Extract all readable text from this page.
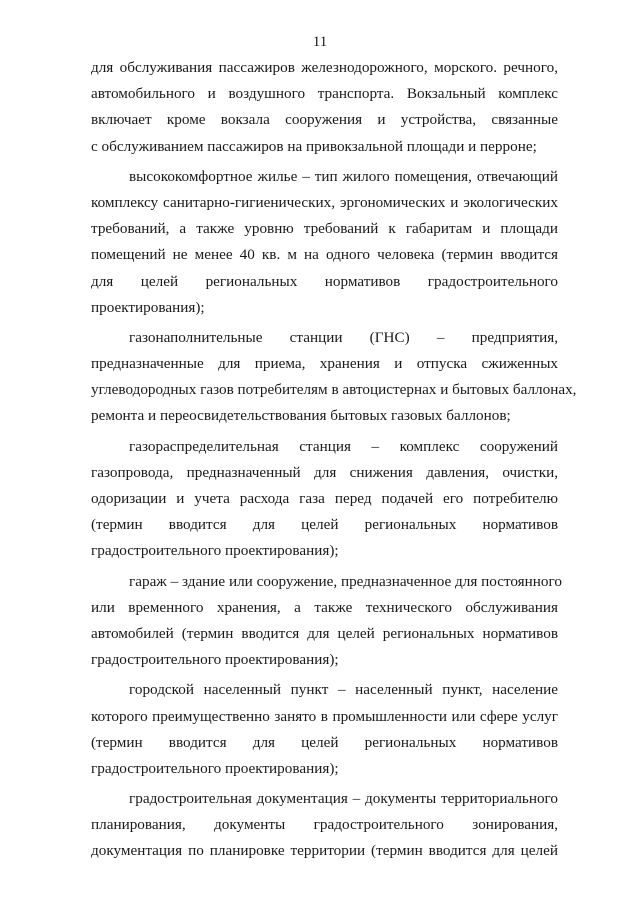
11

для обслуживания пассажиров железнодорожного, морского. речного,
автомобильного и воздушного транспорта. Вокзальный комплекс
включает кроме вокзала сооружения и устройства, связанные
с обслуживанием пассажиров на привокзальной площади и перроне;

высококомфортное жилье – тип жилого помещения, отвечающий
комплексу санитарно-гигиенических, эргономических и экологических
требований, а также уровню требований к габаритам и площади
помещений не менее 40 кв. м на одного человека (термин вводится
для целей региональных нормативов градостроительного
проектирования);

газонаполнительные станции (ГНС) – предприятия,
предназначенные для приема, хранения и отпуска сжиженных
углеводородных газов потребителям в автоцистернах и бытовых баллонах,
ремонта и переосвидетельствования бытовых газовых баллонов;

газораспределительная станция – комплекс сооружений
газопровода, предназначенный для снижения давления, очистки,
одоризации и учета расхода газа перед подачей его потребителю
(термин вводится для целей региональных нормативов
градостроительного проектирования);

гараж – здание или сооружение, предназначенное для постоянного
или временного хранения, а также технического обслуживания
автомобилей (термин вводится для целей региональных нормативов
градостроительного проектирования);

городской населенный пункт – населенный пункт, население
которого преимущественно занято в промышленности или сфере услуг
(термин вводится для целей региональных нормативов
градостроительного проектирования);

градостроительная документация – документы территориального
планирования, документы градостроительного зонирования,
документация по планировке территории (термин вводится для целей
